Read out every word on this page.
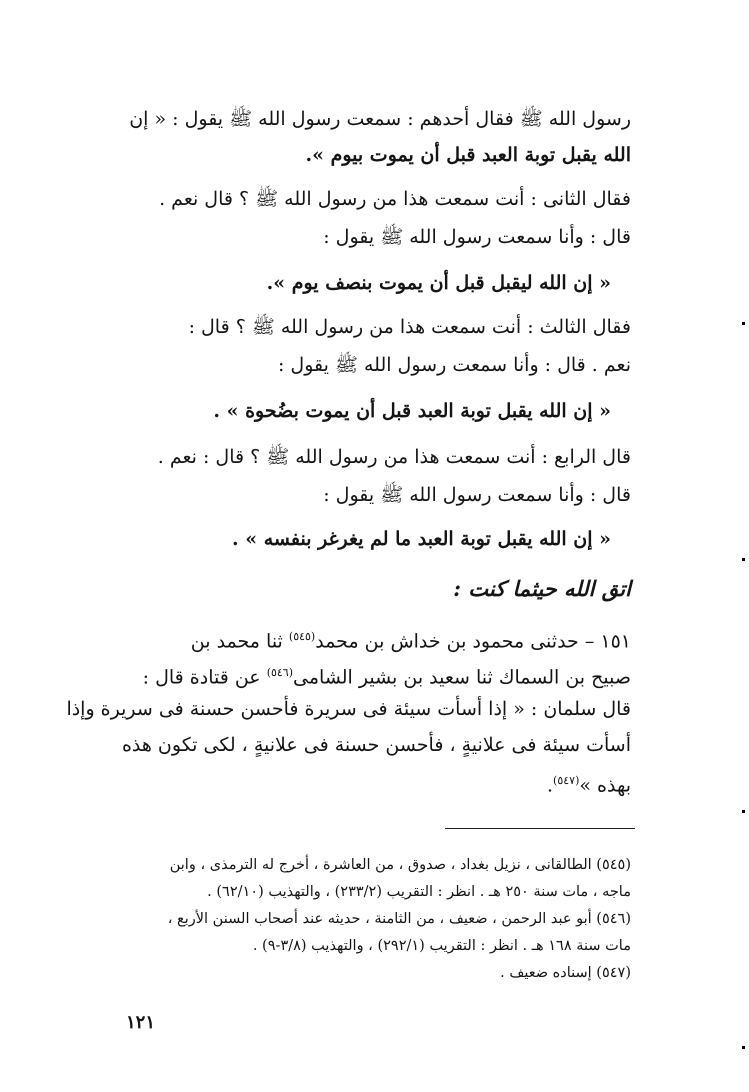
رسول الله ﷺ فقال أحدهم : سمعت رسول الله ﷺ يقول : « إن
الله يقبل توبة العبد قبل أن يموت بيوم ».
فقال الثانى : أنت سمعت هذا من رسول الله ﷺ ؟ قال نعم .
قال : وأنا سمعت رسول الله ﷺ يقول :
« إن الله ليقبل قبل أن يموت بنصف يوم ».
فقال الثالث : أنت سمعت هذا من رسول الله ﷺ ؟ قال :
نعم . قال : وأنا سمعت رسول الله ﷺ يقول :
« إن الله يقبل توبة العبد قبل أن يموت بضُحوة » .
قال الرابع : أنت سمعت هذا من رسول الله ﷺ ؟ قال : نعم .
قال : وأنا سمعت رسول الله ﷺ يقول :
« إن الله يقبل توبة العبد ما لم يغرغر بنفسه » .
اتق الله حيثما كنت :
١٥١ – حدثنى محمود بن خداش بن محمد$^{(٥٤٥)}$ ثنا محمد بن
صبيح بن السماك ثنا سعيد بن بشير الشامى$^{(٥٤٦)}$ عن قتادة قال :
قال سلمان : « إذا أسأت سيئة فى سريرة فأحسن حسنة فى سريرة وإذا
أسأت سيئة فى علانيةٍ ، فأحسن حسنة فى علانيةٍ ، لكى تكون هذه
بهذه »$^{(٥٤٧)}$.
(٥٤٥) الطالقانى ، نزيل بغداد ، صدوق ، من العاشرة ، أخرج له الترمذى ، وابن
ماجه ، مات سنة ٢٥٠ هـ . انظر : التقريب (٢٣٣/٢) ، والتهذيب (٦٢/١٠) .
(٥٤٦) أبو عبد الرحمن ، ضعيف ، من الثامنة ، حديثه عند أصحاب السنن الأربع ،
مات سنة ١٦٨ هـ . انظر : التقريب (٢٩٢/١) ، والتهذيب (٣/٨-٩) .
(٥٤٧) إسناده ضعيف .
١٢١
